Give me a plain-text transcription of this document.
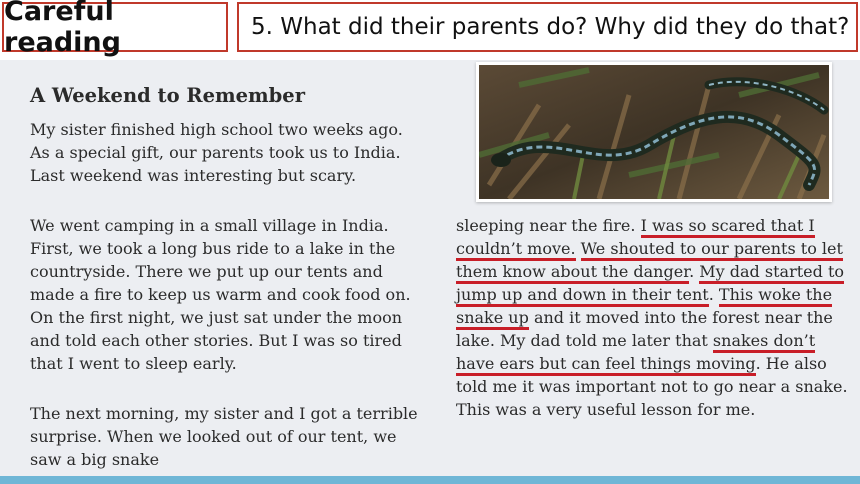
Careful reading	5. What did their parents do? Why did they do that?
A Weekend to Remember

My sister finished high school two weeks ago. As a special gift, our parents took us to India. Last weekend was interesting but scary.

We went camping in a small village in India. First, we took a long bus ride to a lake in the countryside. There we put up our tents and made a fire to keep us warm and cook food on. On the first night, we just sat under the moon and told each other stories. But I was so tired that I went to sleep early.

The next morning, my sister and I got a terrible surprise. When we looked out of our tent, we saw a big snake

sleeping near the fire. I was so scared that I couldn’t move. We shouted to our parents to let them know about the danger. My dad started to jump up and down in their tent. This woke the snake up and it moved into the forest near the lake. My dad told me later that snakes don’t have ears but can feel things moving. He also told me it was important not to go near a snake. This was a very useful lesson for me.
